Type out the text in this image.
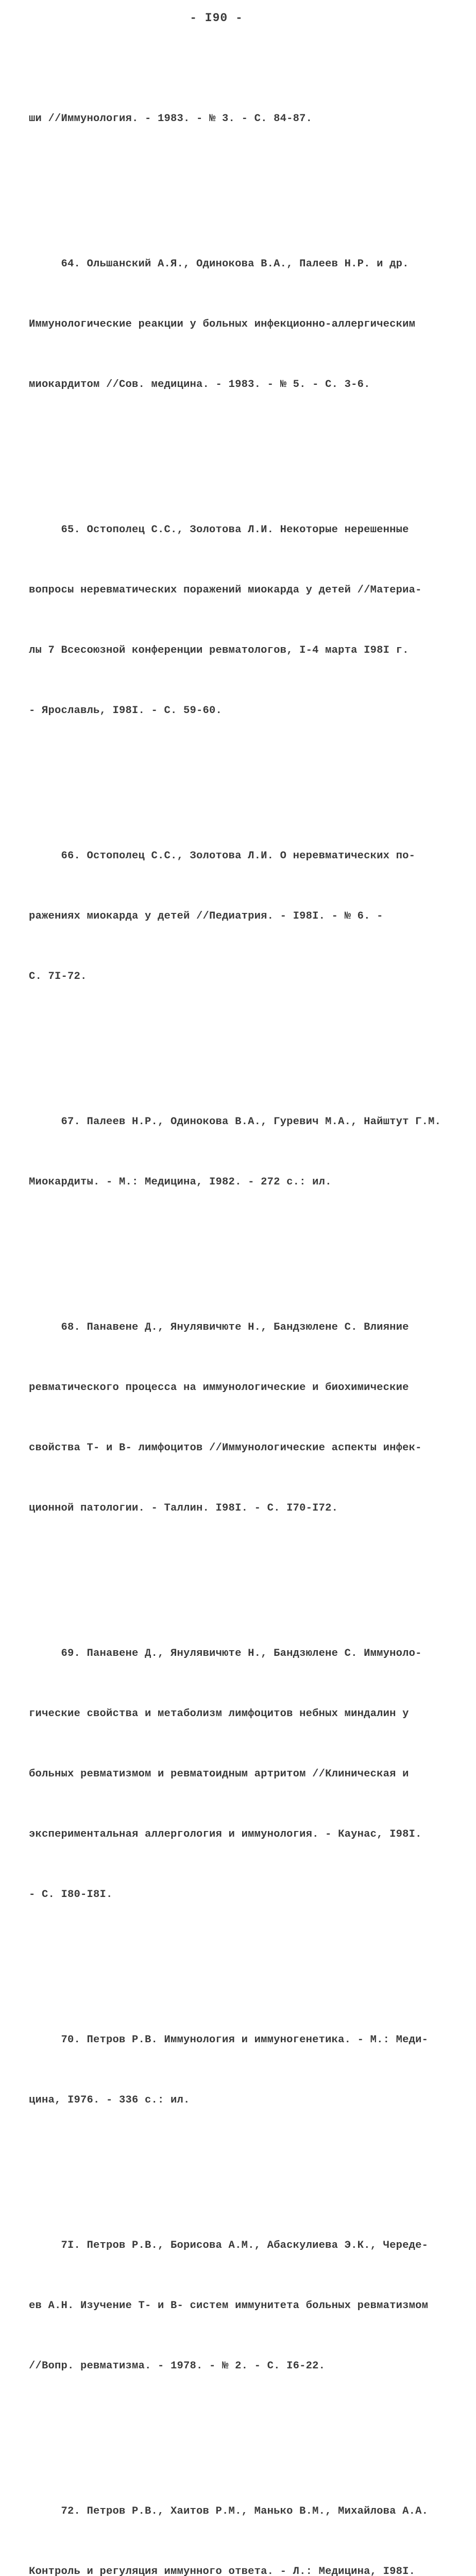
- I90 -

ши //Иммунология. - 1983. - № 3. - С. 84-87.

64. Ольшанский А.Я., Одинокова В.А., Палеев Н.Р. и др.

Иммунологические реакции у больных инфекционно-аллергическим

миокардитом //Сов. медицина. - 1983. - № 5. - С. 3-6.

65. Остополец С.С., Золотова Л.И. Некоторые нерешенные

вопросы неревматических поражений миокарда у детей //Материа-

лы 7 Всесоюзной конференции ревматологов, I-4 марта I98I г.

- Ярославль, I98I. - С. 59-60.

66. Остополец С.С., Золотова Л.И. О неревматических по-

ражениях миокарда у детей //Педиатрия. - I98I. - № 6. -

С. 7I-72.

67. Палеев Н.Р., Одинокова В.А., Гуревич М.А., Найштут Г.М.

Миокардиты. - М.: Медицина, I982. - 272 с.: ил.

68. Панавене Д., Янулявичюте Н., Бандзюлене С. Влияние

ревматического процесса на иммунологические и биохимические

свойства Т- и В- лимфоцитов //Иммунологические аспекты инфек-

ционной патологии. - Таллин. I98I. - С. I70-I72.

69. Панавене Д., Янулявичюте Н., Бандзюлене С. Иммуноло-

гические свойства и метаболизм лимфоцитов небных миндалин у

больных ревматизмом и ревматоидным артритом //Клиническая и

экспериментальная аллергология и иммунология. - Каунас, I98I.

- С. I80-I8I.

70. Петров Р.В. Иммунология и иммуногенетика. - М.: Меди-

цина, I976. - 336 с.: ил.

7I. Петров Р.В., Борисова А.М., Абаскулиева Э.К., Череде-

ев А.Н. Изучение Т- и В- систем иммунитета больных ревматизмом

//Вопр. ревматизма. - 1978. - № 2. - С. I6-22.

72. Петров Р.В., Хаитов Р.М., Манько В.М., Михайлова А.А.

Контроль и регуляция иммунного ответа. - Л.: Медицина, I98I.
